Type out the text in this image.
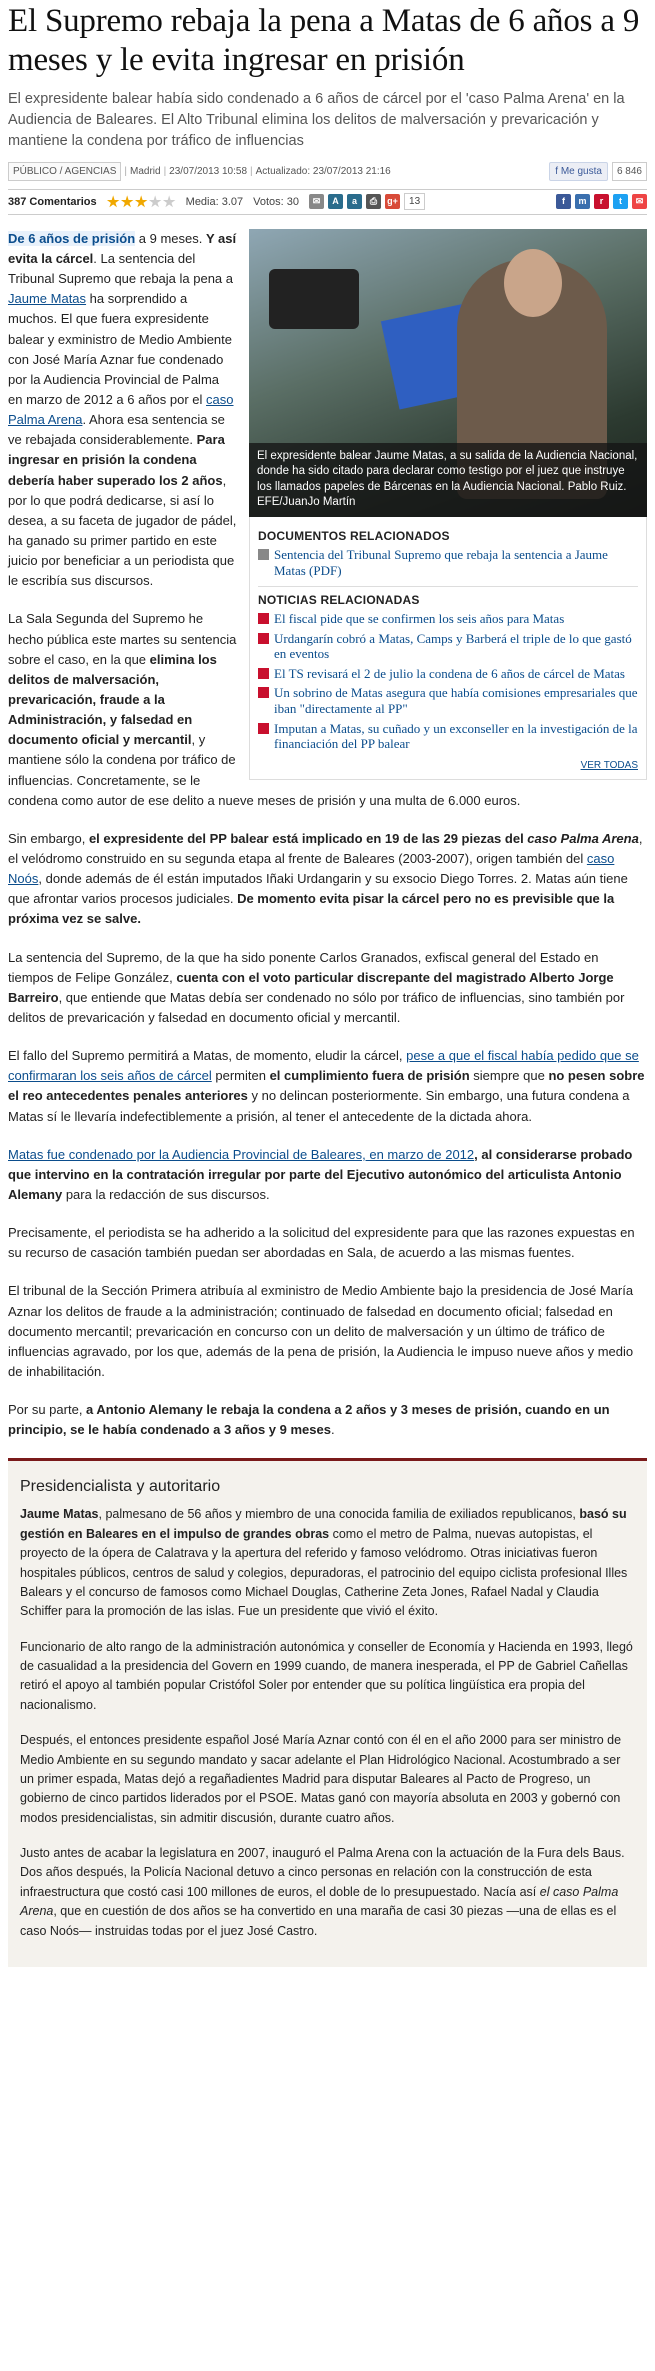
El Supremo rebaja la pena a Matas de 6 años a 9 meses y le evita ingresar en prisión
El expresidente balear había sido condenado a 6 años de cárcel por el 'caso Palma Arena' en la Audiencia de Baleares. El Alto Tribunal elimina los delitos de malversación y prevaricación y mantiene la condena por tráfico de influencias
PÚBLICO / AGENCIAS | Madrid | 23/07/2013 10:58 | Actualizado: 23/07/2013 21:16	f Me gusta	6 846
387 Comentarios	Media: 3.07 Votos: 30	✉	A	a	⎙	g+	13	f	m	r	t	✉
El expresidente balear Jaume Matas, a su salida de la Audiencia Nacional, donde ha sido citado para declarar como testigo por el juez que instruye los llamados papeles de Bárcenas en la Audiencia Nacional. Pablo Ruiz. EFE/JuanJo Martín
DOCUMENTOS RELACIONADOS
Sentencia del Tribunal Supremo que rebaja la sentencia a Jaume Matas (PDF)
NOTICIAS RELACIONADAS
El fiscal pide que se confirmen los seis años para Matas
Urdangarín cobró a Matas, Camps y Barberá el triple de lo que gastó en eventos
El TS revisará el 2 de julio la condena de 6 años de cárcel de Matas
Un sobrino de Matas asegura que había comisiones empresariales que iban "directamente al PP"
Imputan a Matas, su cuñado y un exconseller en la investigación de la financiación del PP balear
VER TODAS

De 6 años de prisión a 9 meses. Y así evita la cárcel. La sentencia del Tribunal Supremo que rebaja la pena a Jaume Matas ha sorprendido a muchos. El que fuera expresidente balear y exministro de Medio Ambiente con José María Aznar fue condenado por la Audiencia Provincial de Palma en marzo de 2012 a 6 años por el caso Palma Arena. Ahora esa sentencia se ve rebajada considerablemente. Para ingresar en prisión la condena debería haber superado los 2 años, por lo que podrá dedicarse, si así lo desea, a su faceta de jugador de pádel, ha ganado su primer partido en este juicio por beneficiar a un periodista que le escribía sus discursos.

La Sala Segunda del Supremo he hecho pública este martes su sentencia sobre el caso, en la que elimina los delitos de malversación, prevaricación, fraude a la Administración, y falsedad en documento oficial y mercantil, y mantiene sólo la condena por tráfico de influencias. Concretamente, se le condena como autor de ese delito a nueve meses de prisión y una multa de 6.000 euros.

Sin embargo, el expresidente del PP balear está implicado en 19 de las 29 piezas del caso Palma Arena, el velódromo construido en su segunda etapa al frente de Baleares (2003-2007), origen también del caso Noós, donde además de él están imputados Iñaki Urdangarin y su exsocio Diego Torres. 2. Matas aún tiene que afrontar varios procesos judiciales. De momento evita pisar la cárcel pero no es previsible que la próxima vez se salve.

La sentencia del Supremo, de la que ha sido ponente Carlos Granados, exfiscal general del Estado en tiempos de Felipe González, cuenta con el voto particular discrepante del magistrado Alberto Jorge Barreiro, que entiende que Matas debía ser condenado no sólo por tráfico de influencias, sino también por delitos de prevaricación y falsedad en documento oficial y mercantil.

El fallo del Supremo permitirá a Matas, de momento, eludir la cárcel, pese a que el fiscal había pedido que se confirmaran los seis años de cárcel permiten el cumplimiento fuera de prisión siempre que no pesen sobre el reo antecedentes penales anteriores y no delincan posteriormente. Sin embargo, una futura condena a Matas sí le llevaría indefectiblemente a prisión, al tener el antecedente de la dictada ahora.

Matas fue condenado por la Audiencia Provincial de Baleares, en marzo de 2012, al considerarse probado que intervino en la contratación irregular por parte del Ejecutivo autonómico del articulista Antonio Alemany para la redacción de sus discursos.

Precisamente, el periodista se ha adherido a la solicitud del expresidente para que las razones expuestas en su recurso de casación también puedan ser abordadas en Sala, de acuerdo a las mismas fuentes.

El tribunal de la Sección Primera atribuía al exministro de Medio Ambiente bajo la presidencia de José María Aznar los delitos de fraude a la administración; continuado de falsedad en documento oficial; falsedad en documento mercantil; prevaricación en concurso con un delito de malversación y un último de tráfico de influencias agravado, por los que, además de la pena de prisión, la Audiencia le impuso nueve años y medio de inhabilitación.

Por su parte, a Antonio Alemany le rebaja la condena a 2 años y 3 meses de prisión, cuando en un principio, se le había condenado a 3 años y 9 meses.

Presidencialista y autoritario

Jaume Matas, palmesano de 56 años y miembro de una conocida familia de exiliados republicanos, basó su gestión en Baleares en el impulso de grandes obras como el metro de Palma, nuevas autopistas, el proyecto de la ópera de Calatrava y la apertura del referido y famoso velódromo. Otras iniciativas fueron hospitales públicos, centros de salud y colegios, depuradoras, el patrocinio del equipo ciclista profesional Illes Balears y el concurso de famosos como Michael Douglas, Catherine Zeta Jones, Rafael Nadal y Claudia Schiffer para la promoción de las islas. Fue un presidente que vivió el éxito.

Funcionario de alto rango de la administración autonómica y conseller de Economía y Hacienda en 1993, llegó de casualidad a la presidencia del Govern en 1999 cuando, de manera inesperada, el PP de Gabriel Cañellas retiró el apoyo al también popular Cristófol Soler por entender que su política lingüística era propia del nacionalismo.

Después, el entonces presidente español José María Aznar contó con él en el año 2000 para ser ministro de Medio Ambiente en su segundo mandato y sacar adelante el Plan Hidrológico Nacional. Acostumbrado a ser un primer espada, Matas dejó a regañadientes Madrid para disputar Baleares al Pacto de Progreso, un gobierno de cinco partidos liderados por el PSOE. Matas ganó con mayoría absoluta en 2003 y gobernó con modos presidencialistas, sin admitir discusión, durante cuatro años.

Justo antes de acabar la legislatura en 2007, inauguró el Palma Arena con la actuación de la Fura dels Baus. Dos años después, la Policía Nacional detuvo a cinco personas en relación con la construcción de esta infraestructura que costó casi 100 millones de euros, el doble de lo presupuestado. Nacía así el caso Palma Arena, que en cuestión de dos años se ha convertido en una maraña de casi 30 piezas —una de ellas es el caso Noós— instruidas todas por el juez José Castro.
